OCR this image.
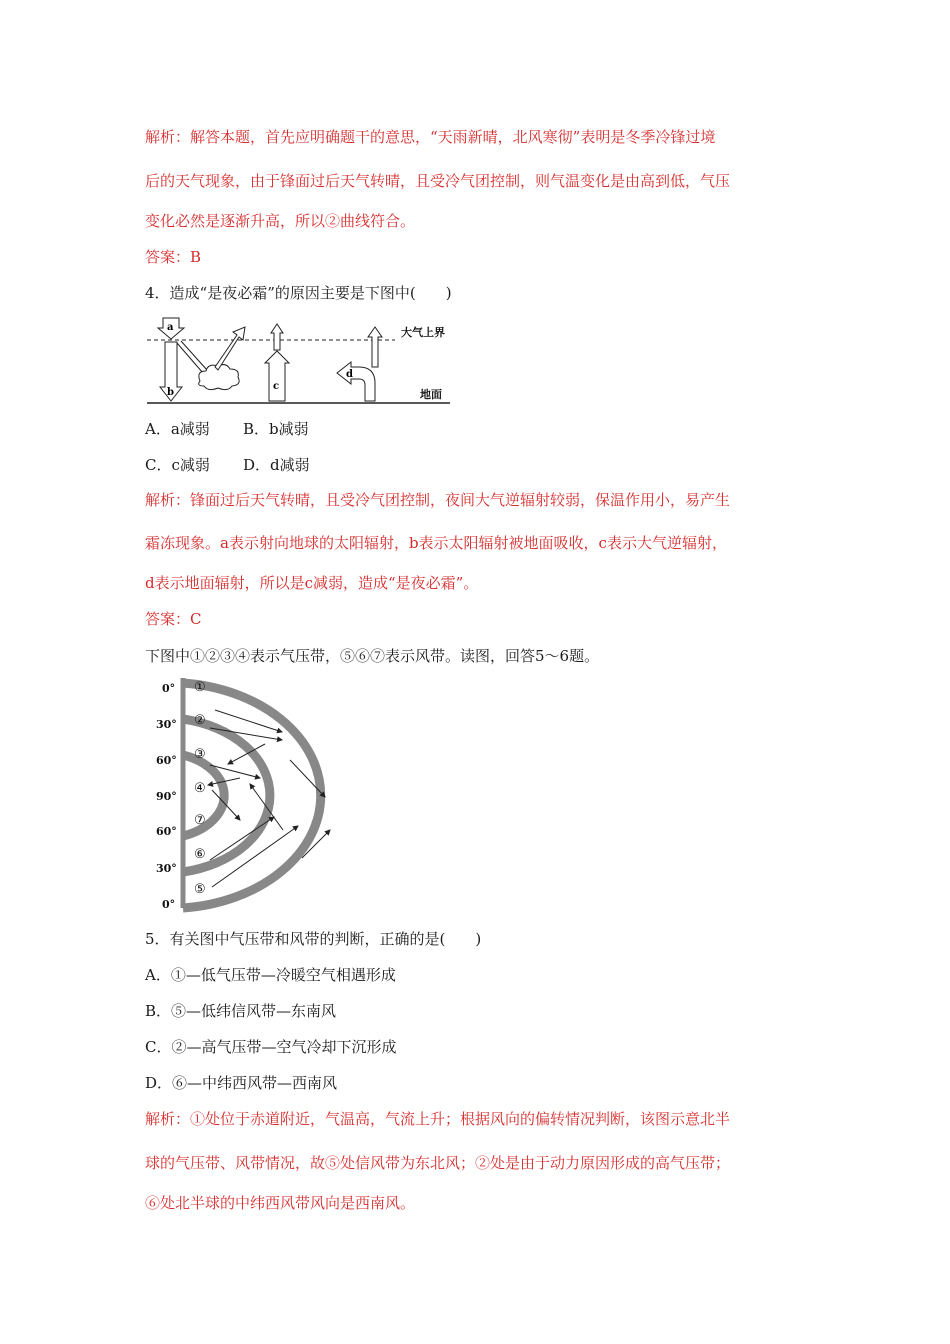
解析：解答本题，首先应明确题干的意思，“天雨新晴，北风寒彻”表明是冬季冷锋过境
后的天气现象，由于锋面过后天气转晴，且受冷气团控制，则气温变化是由高到低，气压
变化必然是逐渐升高，所以②曲线符合。
答案：B
4．造成“是夜必霜”的原因主要是下图中(　　)
大气上界
地面
a
b
c
d
A．a减弱 B．b减弱
C．c减弱 D．d减弱
解析：锋面过后天气转晴，且受冷气团控制，夜间大气逆辐射较弱，保温作用小，易产生
霜冻现象。a表示射向地球的太阳辐射，b表示太阳辐射被地面吸收，c表示大气逆辐射，
d表示地面辐射，所以是c减弱，造成“是夜必霜”。
答案：C
下图中①②③④表示气压带，⑤⑥⑦表示风带。读图，回答5～6题。
0°
30°
60°
90°
60°
30°
0°
①
②
③
④
⑦
⑥
⑤
5．有关图中气压带和风带的判断，正确的是(　　)
A．①—低气压带—冷暖空气相遇形成
B．⑤—低纬信风带—东南风
C．②—高气压带—空气冷却下沉形成
D．⑥—中纬西风带—西南风
解析：①处位于赤道附近，气温高，气流上升；根据风向的偏转情况判断，该图示意北半
球的气压带、风带情况，故⑤处信风带为东北风；②处是由于动力原因形成的高气压带；
⑥处北半球的中纬西风带风向是西南风。
